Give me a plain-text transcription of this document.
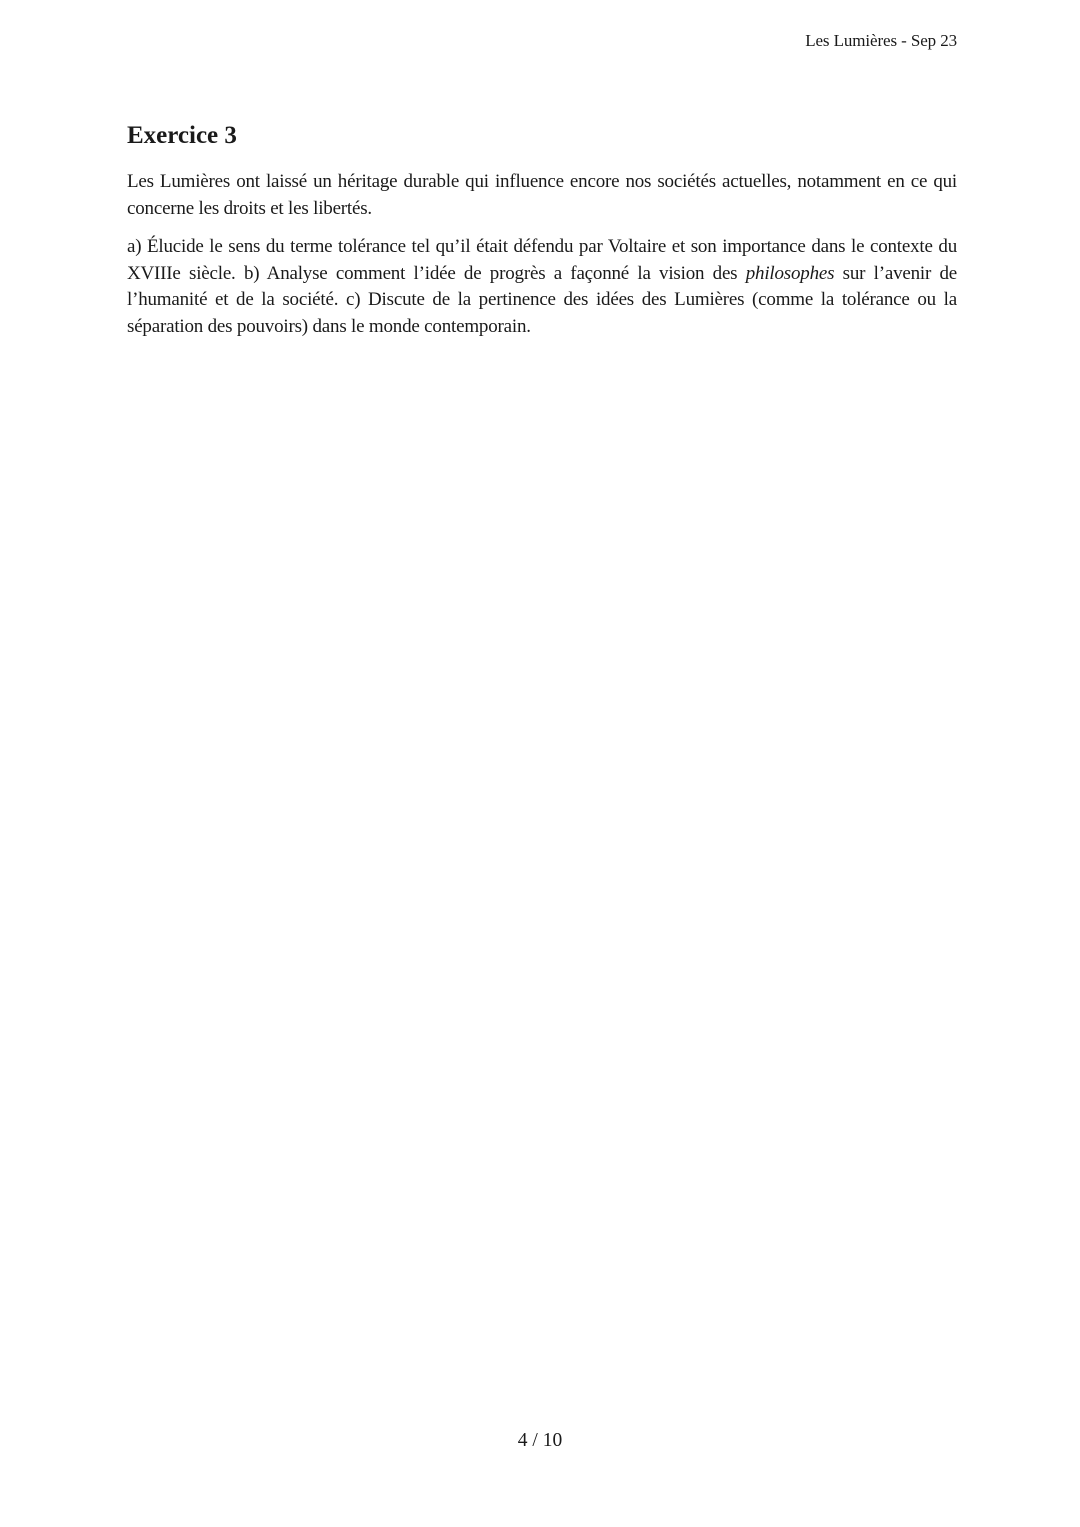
Les Lumières - Sep 23
Exercice 3

Les Lumières ont laissé un héritage durable qui influence encore nos sociétés actuelles, notamment en ce qui concerne les droits et les libertés.

a) Élucide le sens du terme tolérance tel qu’il était défendu par Voltaire et son importance dans le contexte du XVIIIe siècle. b) Analyse comment l’idée de progrès a façonné la vision des philosophes sur l’avenir de l’humanité et de la société. c) Discute de la pertinence des idées des Lumières (comme la tolérance ou la séparation des pouvoirs) dans le monde contemporain.

4 / 10
